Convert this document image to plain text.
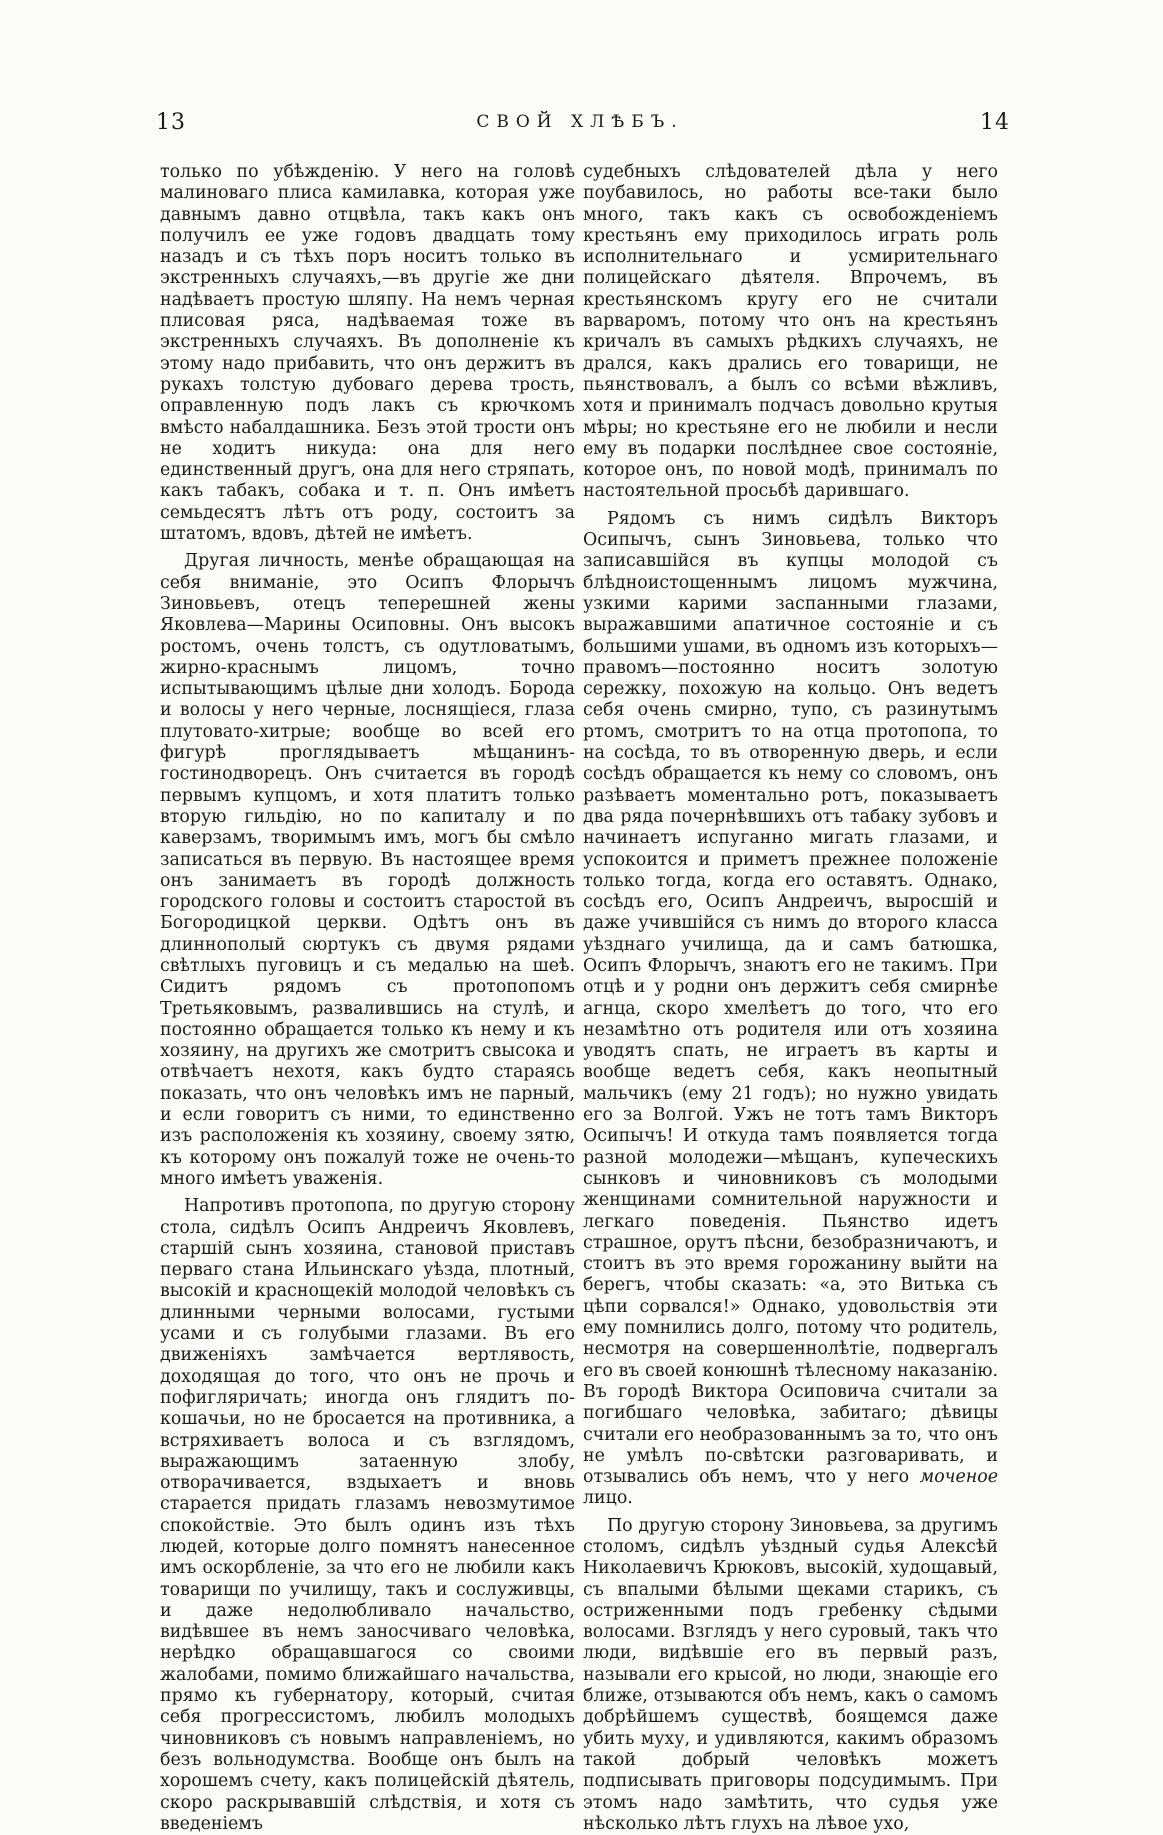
13	СВОЙ ХЛѢБЪ.	14

только по убѣжденію. У него на головѣ малиноваго плиса камилавка, которая уже давнымъ давно отцвѣла, такъ какъ онъ получилъ ее уже годовъ двадцать тому назадъ и съ тѣхъ поръ носитъ только въ экстренныхъ случаяхъ,—въ другіе же дни надѣваетъ простую шляпу. На немъ черная плисовая ряса, надѣваемая тоже въ экстренныхъ случаяхъ. Въ дополненіе къ этому надо прибавить, что онъ держитъ въ рукахъ толстую дубоваго дерева трость, оправленную подъ лакъ съ крючкомъ вмѣсто набалдашника. Безъ этой трости онъ не ходитъ никуда: она для него единственный другъ, она для него стряпать, какъ табакъ, собака и т. п. Онъ имѣетъ семьдесятъ лѣтъ отъ роду, состоитъ за штатомъ, вдовъ, дѣтей не имѣетъ.

Другая личность, менѣе обращающая на себя вниманіе, это Осипъ Флорычъ Зиновьевъ, отецъ теперешней жены Яковлева—Марины Осиповны. Онъ высокъ ростомъ, очень толстъ, съ одутловатымъ, жирно-краснымъ лицомъ, точно испытывающимъ цѣлые дни холодъ. Борода и волосы у него черные, лоснящіеся, глаза плутовато-хитрые; вообще во всей его фигурѣ проглядываетъ мѣщанинъ-гостинодворецъ. Онъ считается въ городѣ первымъ купцомъ, и хотя платитъ только вторую гильдію, но по капиталу и по каверзамъ, творимымъ имъ, могъ бы смѣло записаться въ первую. Въ настоящее время онъ занимаетъ въ городѣ должность городского головы и состоитъ старостой въ Богородицкой церкви. Одѣтъ онъ въ длиннополый сюртукъ съ двумя рядами свѣтлыхъ пуговицъ и съ медалью на шеѣ. Сидитъ рядомъ съ протопопомъ Третьяковымъ, развалившись на стулѣ, и постоянно обращается только къ нему и къ хозяину, на другихъ же смотритъ свысока и отвѣчаетъ нехотя, какъ будто стараясь показать, что онъ человѣкъ имъ не парный, и если говоритъ съ ними, то единственно изъ расположенія къ хозяину, своему зятю, къ которому онъ пожалуй тоже не очень-то много имѣетъ уваженія.

Напротивъ протопопа, по другую сторону стола, сидѣлъ Осипъ Андреичъ Яковлевъ, старшій сынъ хозяина, становой приставъ перваго стана Ильинскаго уѣзда, плотный, высокій и краснощекій молодой человѣкъ съ длинными черными волосами, густыми усами и съ голубыми глазами. Въ его движеніяхъ замѣчается вертлявость, доходящая до того, что онъ не прочь и пофигляричать; иногда онъ глядитъ по-кошачьи, но не бросается на противника, а встряхиваетъ волоса и съ взглядомъ, выражающимъ затаенную злобу, отворачивается, вздыхаетъ и вновь старается придать глазамъ невозмутимое спокойствіе. Это былъ одинъ изъ тѣхъ людей, которые долго помнятъ нанесенное имъ оскорбленіе, за что его не любили какъ товарищи по училищу, такъ и сослуживцы, и даже недолюбливало начальство, видѣвшее въ немъ заносчиваго человѣка, нерѣдко обращавшагося со своими жалобами, помимо ближайшаго начальства, прямо къ губернатору, который, считая себя прогрессистомъ, любилъ молодыхъ чиновниковъ съ новымъ направленіемъ, но безъ вольнодумства. Вообще онъ былъ на хорошемъ счету, какъ полицейскій дѣятель, скоро раскрывавшій слѣдствія, и хотя съ введеніемъ

судебныхъ слѣдователей дѣла у него поубавилось, но работы все-таки было много, такъ какъ съ освобожденіемъ крестьянъ ему приходилось играть роль исполнительнаго и усмирительнаго полицейскаго дѣятеля. Впрочемъ, въ крестьянскомъ кругу его не считали варваромъ, потому что онъ на крестьянъ кричалъ въ самыхъ рѣдкихъ случаяхъ, не дрался, какъ дрались его товарищи, не пьянствовалъ, а былъ со всѣми вѣжливъ, хотя и принималъ подчасъ довольно крутыя мѣры; но крестьяне его не любили и несли ему въ подарки послѣднее свое состояніе, которое онъ, по новой модѣ, принималъ по настоятельной просьбѣ дарившаго.

Рядомъ съ нимъ сидѣлъ Викторъ Осипычъ, сынъ Зиновьева, только что записавшійся въ купцы молодой съ блѣдноистощеннымъ лицомъ мужчина, узкими карими заспанными глазами, выражавшими апатичное состояніе и съ большими ушами, въ одномъ изъ которыхъ—правомъ—постоянно носитъ золотую сережку, похожую на кольцо. Онъ ведетъ себя очень смирно, тупо, съ разинутымъ ртомъ, смотритъ то на отца протопопа, то на сосѣда, то въ отворенную дверь, и если сосѣдъ обращается къ нему со словомъ, онъ разѣваетъ моментально ротъ, показываетъ два ряда почернѣвшихъ отъ табаку зубовъ и начинаетъ испуганно мигать глазами, и успокоится и приметъ прежнее положеніе только тогда, когда его оставятъ. Однако, сосѣдъ его, Осипъ Андреичъ, выросшій и даже учившійся съ нимъ до второго класса уѣзднаго училища, да и самъ батюшка, Осипъ Флорычъ, знаютъ его не такимъ. При отцѣ и у родни онъ держитъ себя смирнѣе агнца, скоро хмелѣетъ до того, что его незамѣтно отъ родителя или отъ хозяина уводятъ спать, не играетъ въ карты и вообще ведетъ себя, какъ неопытный мальчикъ (ему 21 годъ); но нужно увидать его за Волгой. Ужъ не тотъ тамъ Викторъ Осипычъ! И откуда тамъ появляется тогда разной молодежи—мѣщанъ, купеческихъ сынковъ и чиновниковъ съ молодыми женщинами сомнительной наружности и легкаго поведенія. Пьянство идетъ страшное, орутъ пѣсни, безобразничаютъ, и стоитъ въ это время горожанину выйти на берегъ, чтобы сказать: «а, это Витька съ цѣпи сорвался!» Однако, удовольствія эти ему помнились долго, потому что родитель, несмотря на совершеннолѣтіе, подвергалъ его въ своей конюшнѣ тѣлесному наказанію. Въ городѣ Виктора Осиповича считали за погибшаго человѣка, забитаго; дѣвицы считали его необразованнымъ за то, что онъ не умѣлъ по-свѣтски разговаривать, и отзывались объ немъ, что у него моченое лицо.

По другую сторону Зиновьева, за другимъ столомъ, сидѣлъ уѣздный судья Алексѣй Николаевичъ Крюковъ, высокій, худощавый, съ впалыми бѣлыми щеками старикъ, съ остриженными подъ гребенку сѣдыми волосами. Взглядъ у него суровый, такъ что люди, видѣвшіе его въ первый разъ, называли его крысой, но люди, знающіе его ближе, отзываются объ немъ, какъ о самомъ добрѣйшемъ существѣ, боящемся даже убить муху, и удивляются, какимъ образомъ такой добрый человѣкъ можетъ подписывать приговоры подсудимымъ. При этомъ надо замѣтить, что судья уже нѣсколько лѣтъ глухъ на лѣвое ухо,
